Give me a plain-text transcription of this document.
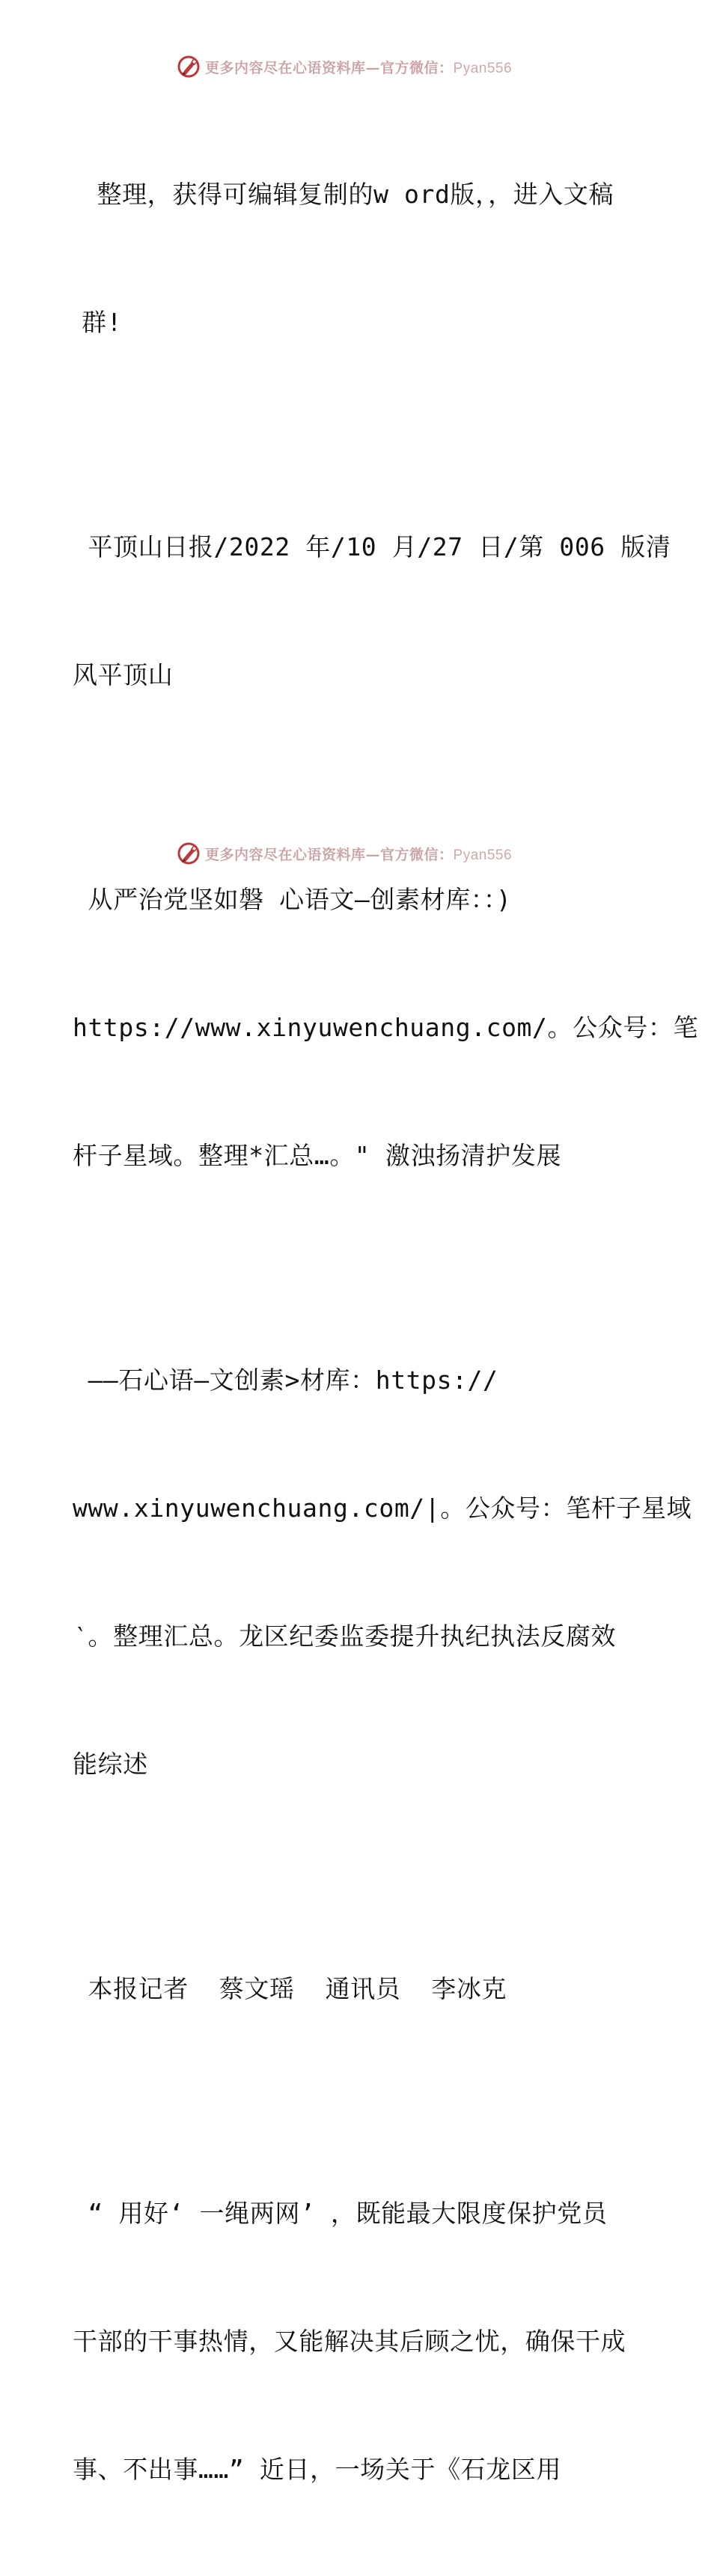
更多内容尽在心语资料库—官方微信：Pyan556

整理，获得可编辑复制的w ord版，，进入文稿

群!

平顶山日报/2022 年/10 月/27 日/第 006 版清

风平顶山

从严治党坚如磐 心语文—创素材库：：)

https://www.xinyuwenchuang.com/。公众号：笔

杆子星域。整理*汇总…。" 激浊扬清护发展

——石心语—文创素>材库：https://

www.xinyuwenchuang.com/|。公众号：笔杆子星域

‵。整理汇总。龙区纪委监委提升执纪执法反腐效

能综述

本报记者  蔡文瑶  通讯员  李冰克

“ 用好‘ 一绳两网’ ，既能最大限度保护党员

干部的干事热情，又能解决其后顾之忧，确保干成

事、不出事……” 近日，一场关于《石龙区用

更多内容尽在心语资料库—官方微信：Pyan556
